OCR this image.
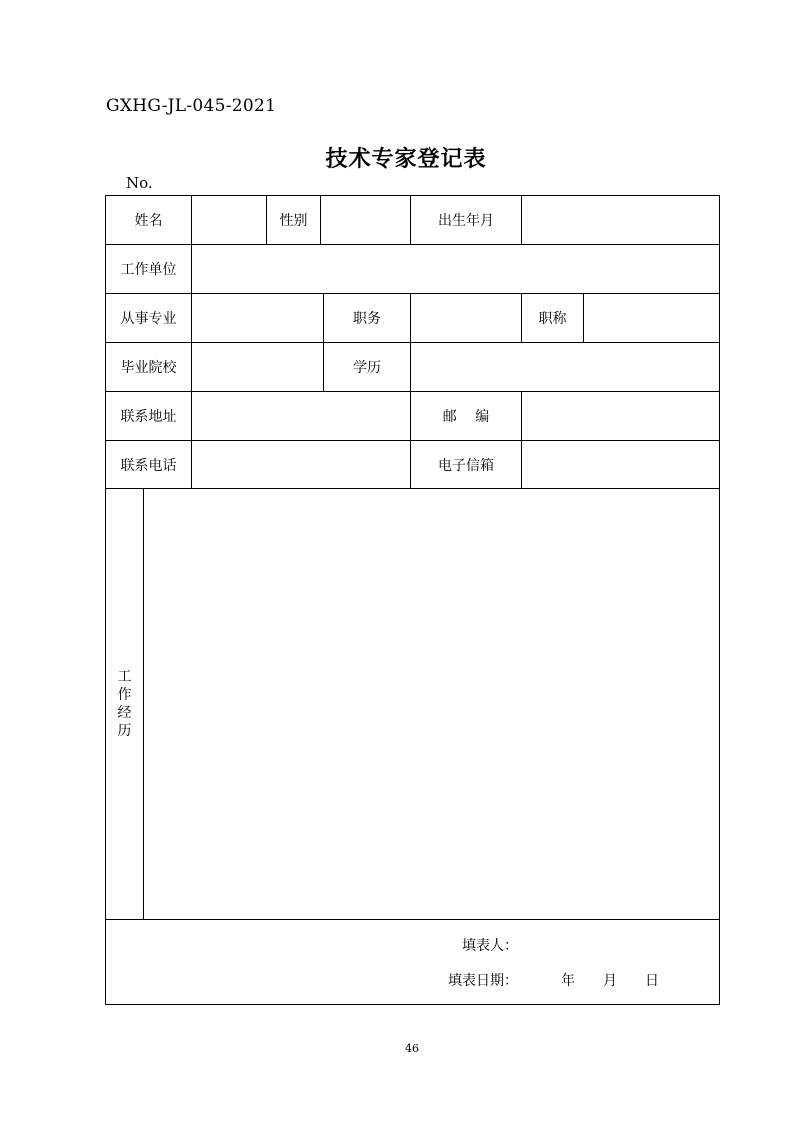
GXHG-JL-045-2021
技术专家登记表
No.
姓名	性别	出生年月
工作单位
从事专业	职务	职称
毕业院校	学历
联系地址	邮　 编
联系电话	电子信箱
工
作
经
历
填表人：
填表日期：	年 月 日
46
